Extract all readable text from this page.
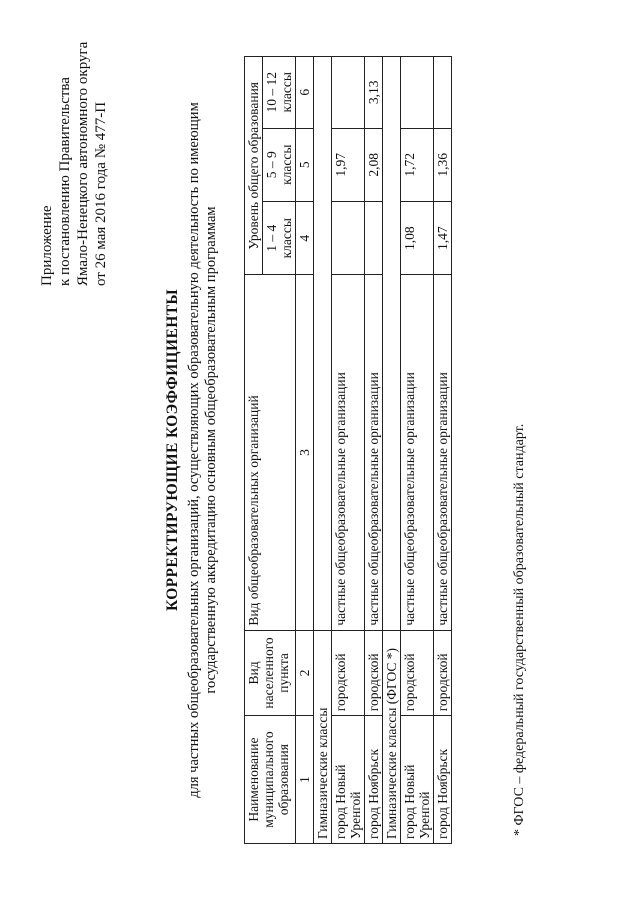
Приложение к постановлению Правительства Ямало-Ненецкого автономного округа от 26 мая 2016 года № 477-П
КОРРЕКТИРУЮЩИЕ КОЭФФИЦИЕНТЫ для частных общеобразовательных организаций, осуществляющих образовательную деятельность по имеющим государственную аккредитацию основным общеобразовательным программам
Наименование муниципального образования	Вид населенного пункта	Вид общеобразовательных организаций	Уровень общего образования		
			1 – 4 классы	5 – 9 классы	10 – 12 классы
1	2	3	4	5	6
Гимназические классы					
город Новый Уренгой	городской	частные общеобразовательные организации		1,97	
город Ноябрьск	городской	частные общеобразовательные организации		2,08	3,13
Гимназические классы (ФГОС *)					
город Новый Уренгой	городской	частные общеобразовательные организации	1,08	1,72	
город Ноябрьск	городской	частные общеобразовательные организации	1,47	1,36	
* ФГОС – федеральный государственный образовательный стандарт.
